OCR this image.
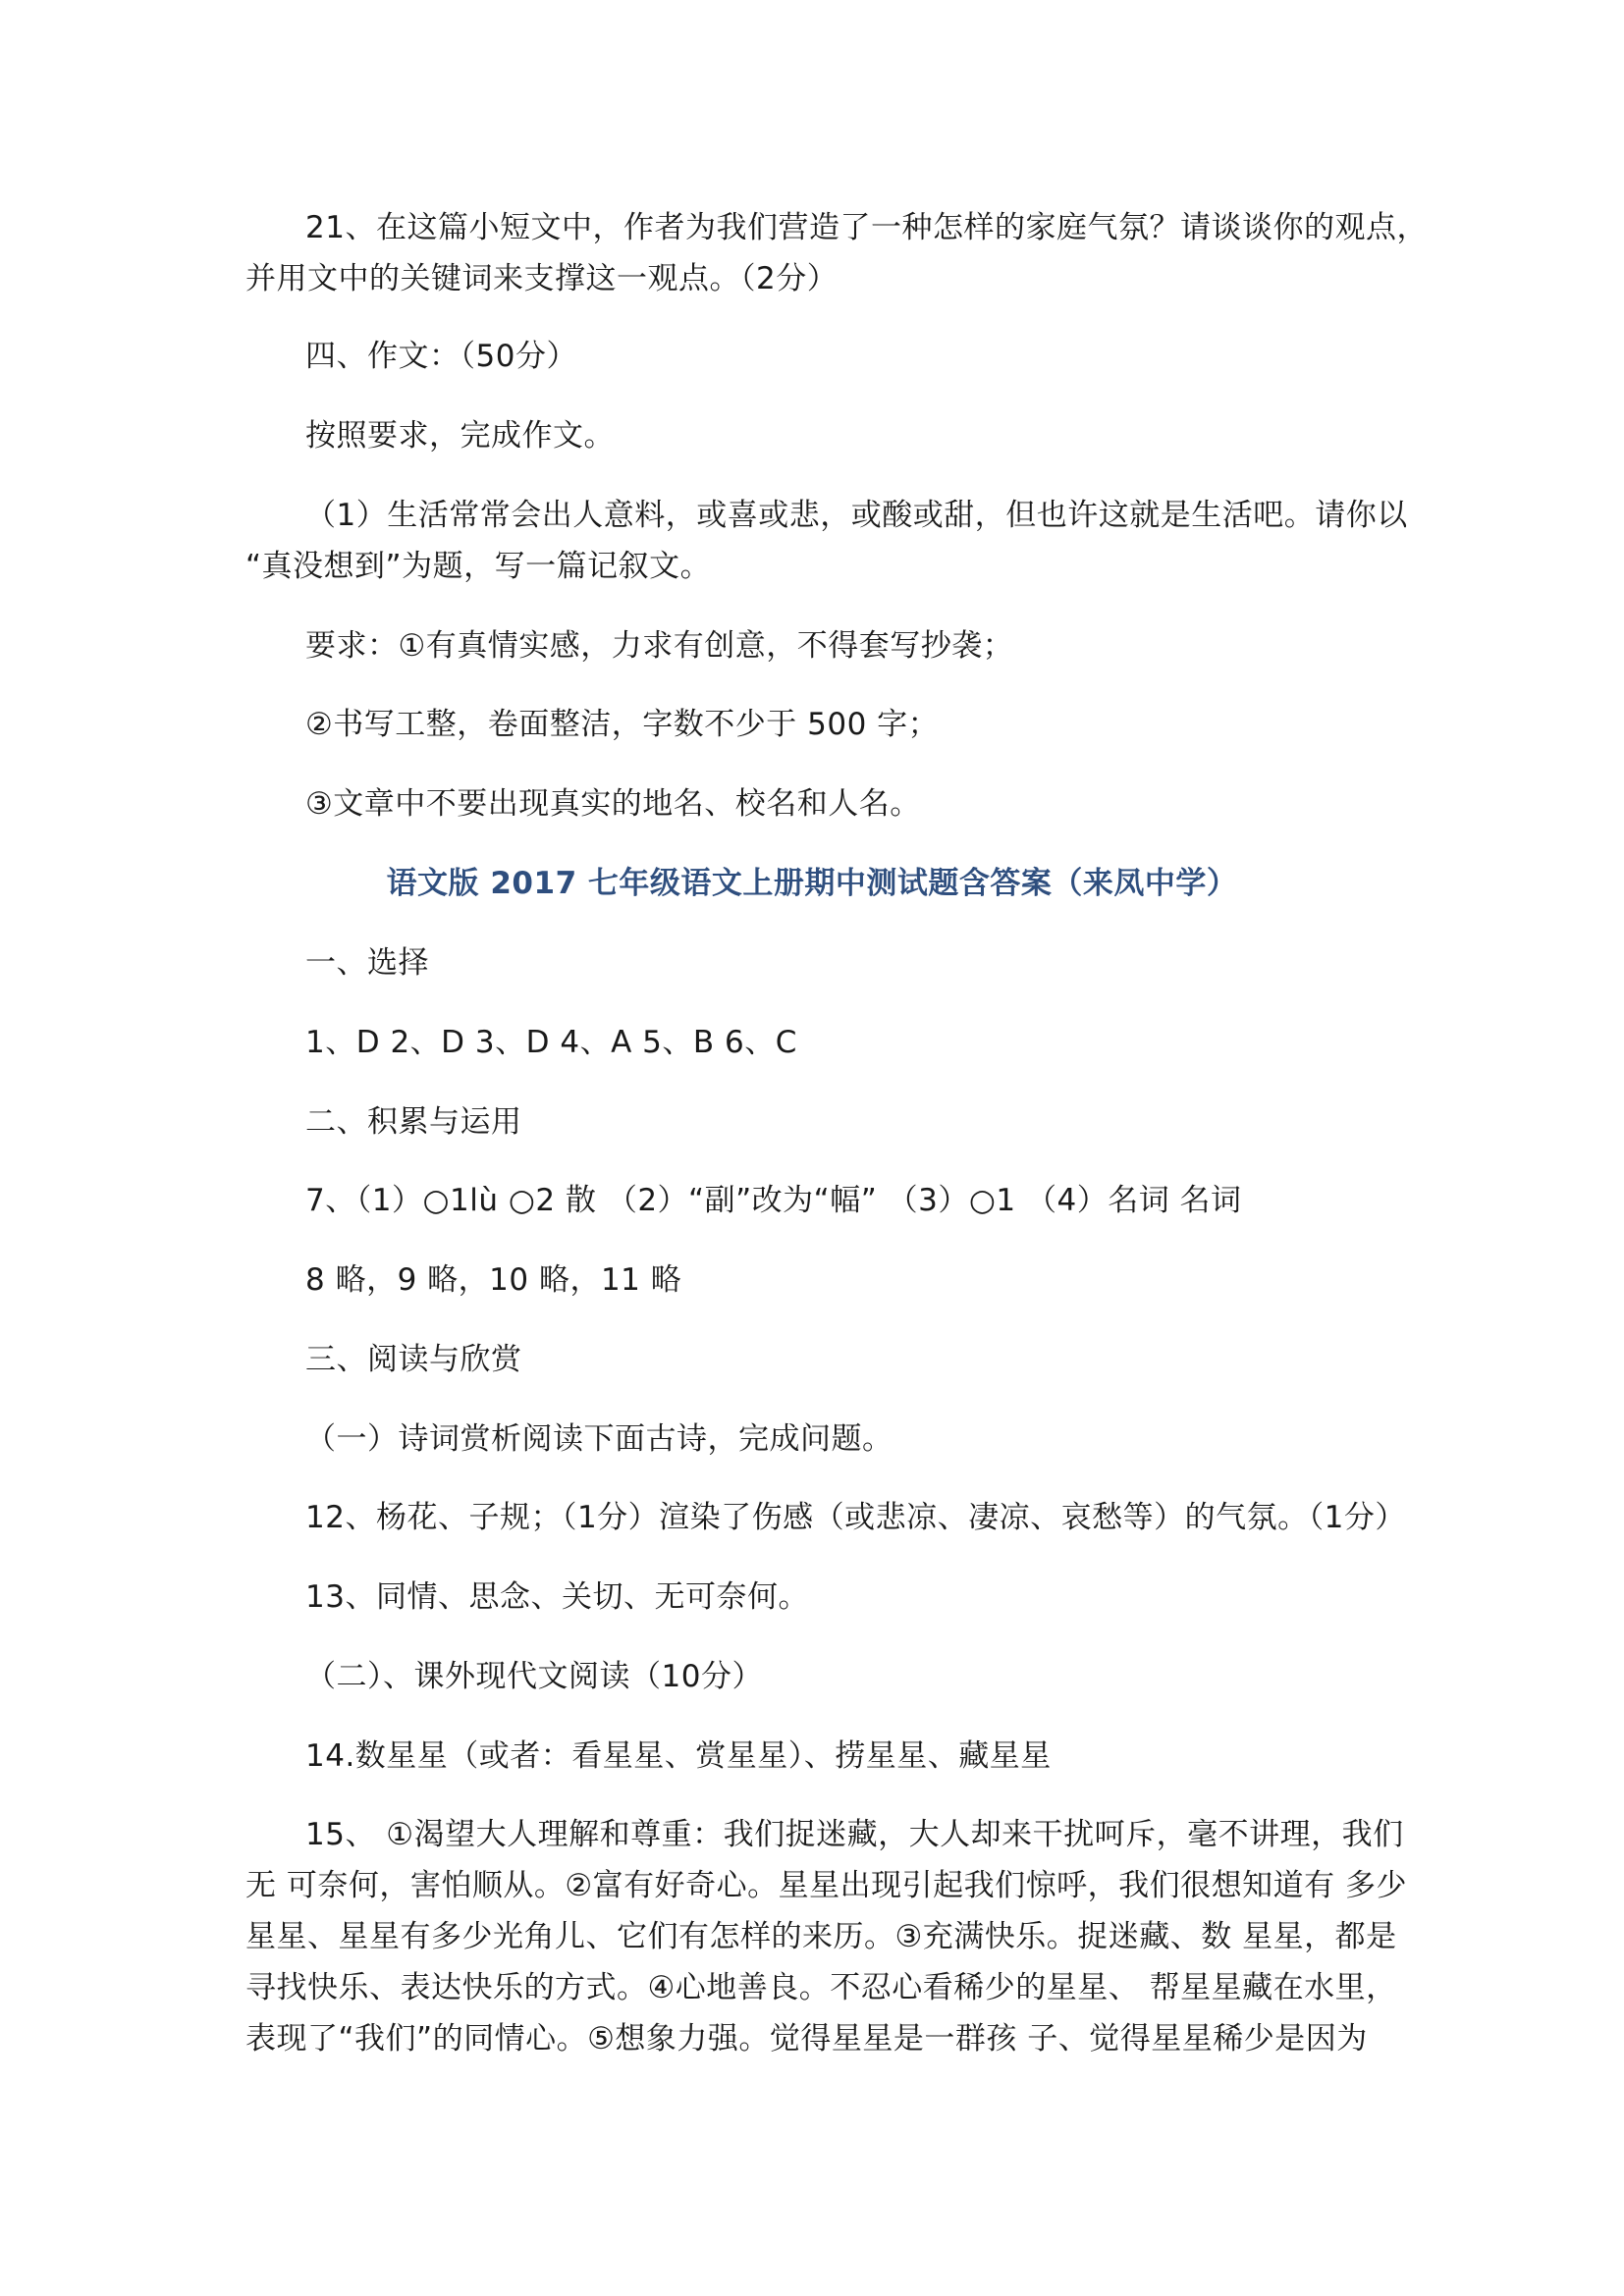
21、在这篇小短文中，作者为我们营造了一种怎样的家庭气氛？请谈谈你的观点，
并用文中的关键词来支撑这一观点。（2分）
四、作文：（50分）
按照要求，完成作文。
（1）生活常常会出人意料，或喜或悲，或酸或甜，但也许这就是生活吧。请你以
“真没想到”为题，写一篇记叙文。
要求：①有真情实感，力求有创意，不得套写抄袭；
②书写工整，卷面整洁，字数不少于 500 字；
③文章中不要出现真实的地名、校名和人名。
语文版 2017 七年级语文上册期中测试题含答案（来凤中学）
一、选择
1、D 2、D 3、D 4、A 5、B 6、C
二、积累与运用
7、（1）○1lù ○2 散 （2）“副”改为“幅” （3）○1 （4）名词 名词
8 略，9 略，10 略，11 略
三、阅读与欣赏
（一）诗词赏析阅读下面古诗，完成问题。
12、杨花、子规；（1分）渲染了伤感（或悲凉、凄凉、哀愁等）的气氛。（1分）
13、同情、思念、关切、无可奈何。
（二）、课外现代文阅读（10分）
14.数星星（或者：看星星、赏星星）、捞星星、藏星星
15、 ①渴望大人理解和尊重：我们捉迷藏，大人却来干扰呵斥，毫不讲理，我们
无 可奈何，害怕顺从。②富有好奇心。星星出现引起我们惊呼，我们很想知道有 多少
星星、星星有多少光角儿、它们有怎样的来历。③充满快乐。捉迷藏、数 星星，都是
寻找快乐、表达快乐的方式。④心地善良。不忍心看稀少的星星、 帮星星藏在水里，
表现了“我们”的同情心。⑤想象力强。觉得星星是一群孩 子、觉得星星稀少是因为
